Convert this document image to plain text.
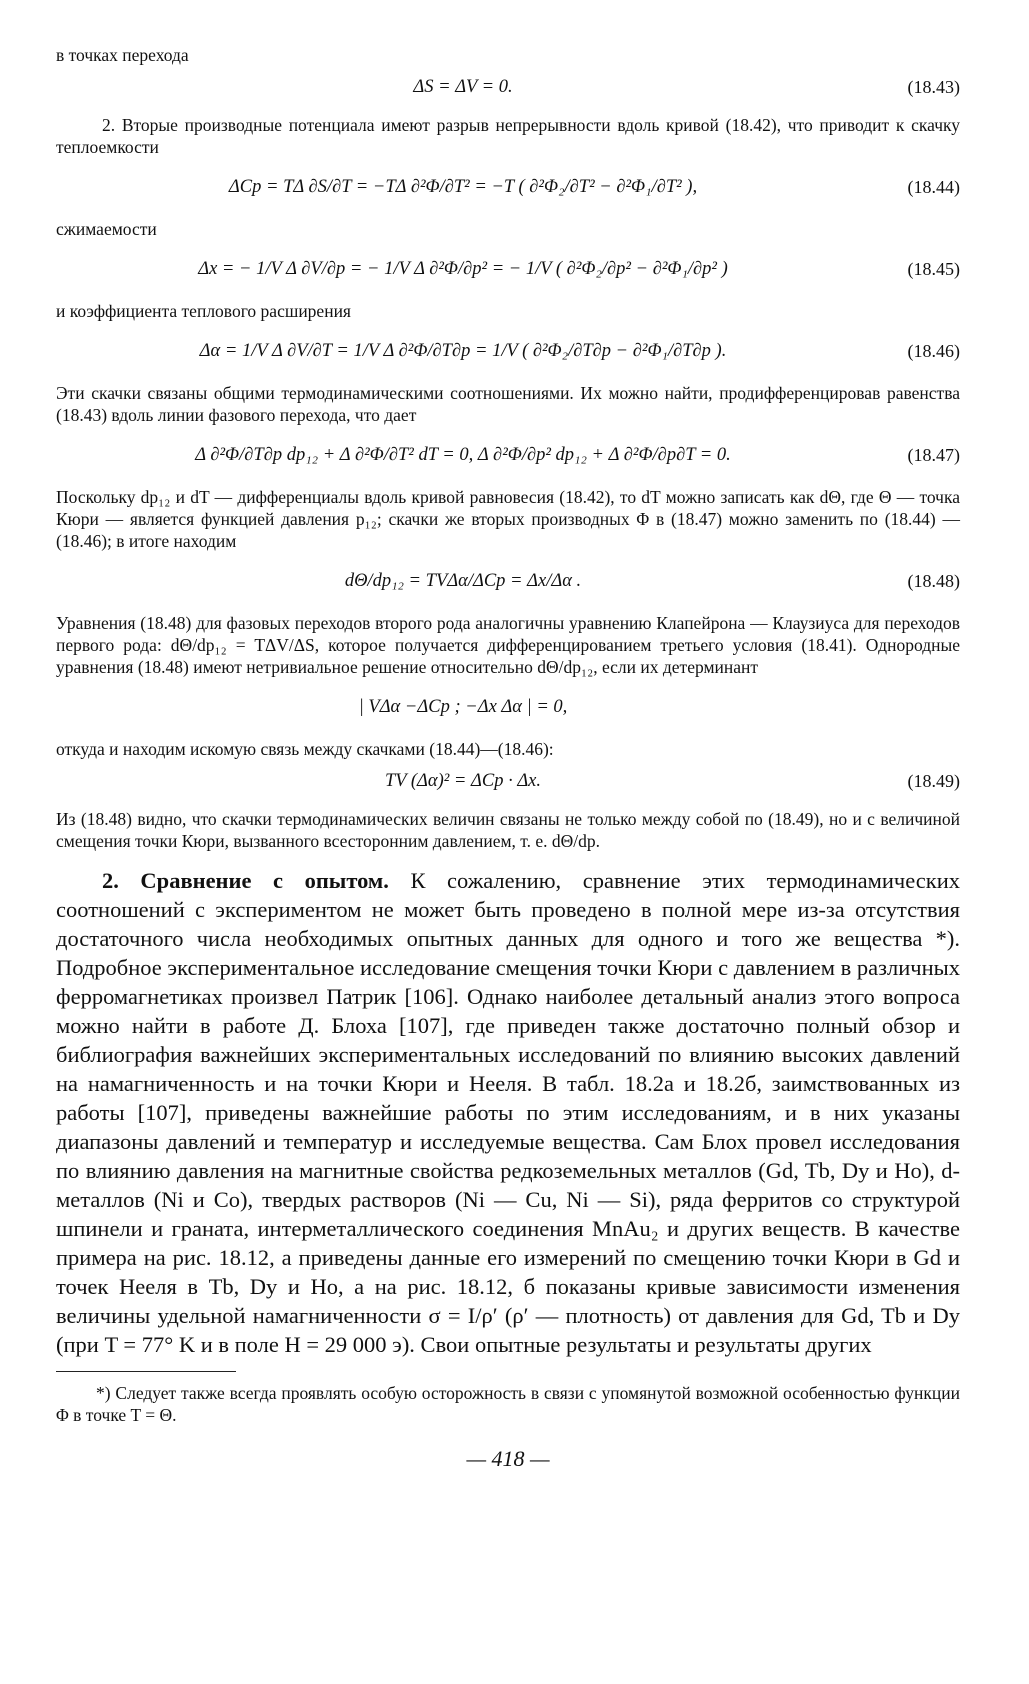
в точках перехода

ΔS = ΔV = 0.	(18.43)

2. Вторые производные потенциала имеют разрыв непрерывности вдоль кривой (18.42), что приводит к скачку теплоемкости

ΔCp = TΔ ∂S/∂T = −TΔ ∂²Φ/∂T² = −T ( ∂²Φ₂/∂T² − ∂²Φ₁/∂T² ),	(18.44)

сжимаемости

Δx = − 1/V Δ ∂V/∂p = − 1/V Δ ∂²Φ/∂p² = − 1/V ( ∂²Φ₂/∂p² − ∂²Φ₁/∂p² )	(18.45)

и коэффициента теплового расширения

Δα = 1/V Δ ∂V/∂T = 1/V Δ ∂²Φ/∂T∂p = 1/V ( ∂²Φ₂/∂T∂p − ∂²Φ₁/∂T∂p ).	(18.46)

Эти скачки связаны общими термодинамическими соотношениями. Их можно найти, продифференцировав равенства (18.43) вдоль линии фазового перехода, что дает

Δ ∂²Φ/∂T∂p dp₁₂ + Δ ∂²Φ/∂T² dT = 0, Δ ∂²Φ/∂p² dp₁₂ + Δ ∂²Φ/∂p∂T = 0.	(18.47)

Поскольку dp₁₂ и dT — дифференциалы вдоль кривой равновесия (18.42), то dT можно записать как dΘ, где Θ — точка Кюри — является функцией давления p₁₂; скачки же вторых производных Φ в (18.47) можно заменить по (18.44) — (18.46); в итоге находим

dΘ/dp₁₂ = TVΔα/ΔCp = Δx/Δα .	(18.48)

Уравнения (18.48) для фазовых переходов второго рода аналогичны уравнению Клапейрона — Клаузиуса для переходов первого рода: dΘ/dp₁₂ = TΔV/ΔS, которое получается дифференцированием третьего условия (18.41). Однородные уравнения (18.48) имеют нетривиальное решение относительно dΘ/dp₁₂, если их детерминант

| VΔα −ΔCp ; −Δx Δα | = 0,

откуда и находим искомую связь между скачками (18.44)—(18.46):

TV (Δα)² = ΔCp · Δx.	(18.49)

Из (18.48) видно, что скачки термодинамических величин связаны не только между собой по (18.49), но и с величиной смещения точки Кюри, вызванного всесторонним давлением, т. е. dΘ/dp.

2. Сравнение с опытом. К сожалению, сравнение этих термодинамических соотношений с экспериментом не может быть проведено в полной мере из-за отсутствия достаточного числа необходимых опытных данных для одного и того же вещества *). Подробное экспериментальное исследование смещения точки Кюри с давлением в различных ферромагнетиках произвел Патрик [106]. Однако наиболее детальный анализ этого вопроса можно найти в работе Д. Блоха [107], где приведен также достаточно полный обзор и библиография важнейших экспериментальных исследований по влиянию высоких давлений на намагниченность и на точки Кюри и Нееля. В табл. 18.2а и 18.2б, заимствованных из работы [107], приведены важнейшие работы по этим исследованиям, и в них указаны диапазоны давлений и температур и исследуемые вещества. Сам Блох провел исследования по влиянию давления на магнитные свойства редкоземельных металлов (Gd, Tb, Dy и Ho), d-металлов (Ni и Co), твердых растворов (Ni — Cu, Ni — Si), ряда ферритов со структурой шпинели и граната, интерметаллического соединения MnAu₂ и других веществ. В качестве примера на рис. 18.12, а приведены данные его измерений по смещению точки Кюри в Gd и точек Нееля в Tb, Dy и Ho, а на рис. 18.12, б показаны кривые зависимости изменения величины удельной намагниченности σ = I/ρ′ (ρ′ — плотность) от давления для Gd, Tb и Dy (при T = 77° K и в поле H = 29 000 э). Свои опытные результаты и результаты других

*) Следует также всегда проявлять особую осторожность в связи с упомянутой возможной особенностью функции Φ в точке T = Θ.

— 418 —
